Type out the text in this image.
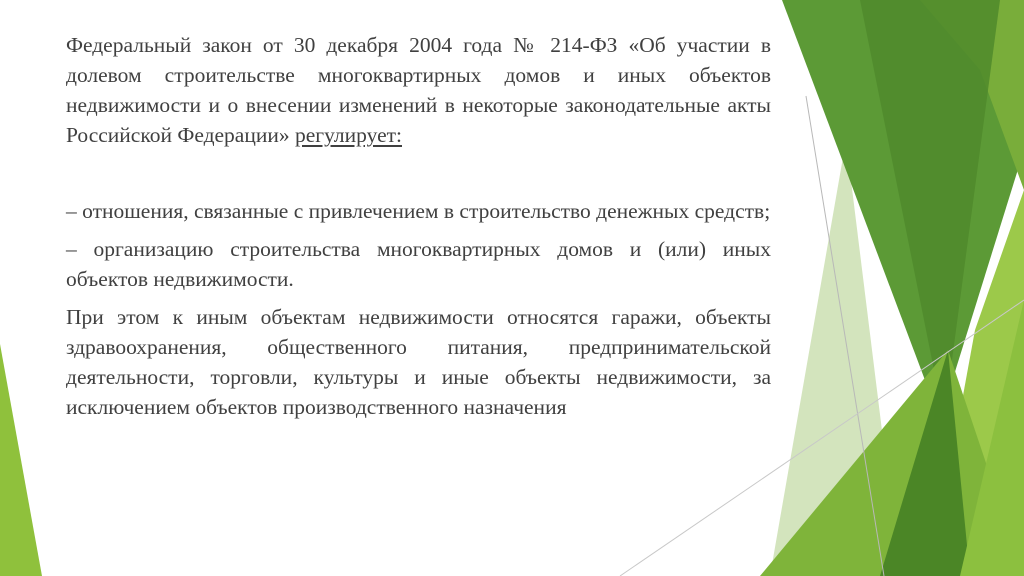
Федеральный закон от 30 декабря 2004 года № 214-ФЗ «Об участии в долевом строительстве многоквартирных домов и иных объектов недвижимости и о внесении изменений в некоторые законодательные акты Российской Федерации» регулирует:

– отношения, связанные с привлечением в строительство денежных средств;

– организацию строительства многоквартирных домов и (или) иных объектов недвижимости.

При этом к иным объектам недвижимости относятся гаражи, объекты здравоохранения, общественного питания, предпринимательской деятельности, торговли, культуры и иные объекты недвижимости, за исключением объектов производственного назначения
